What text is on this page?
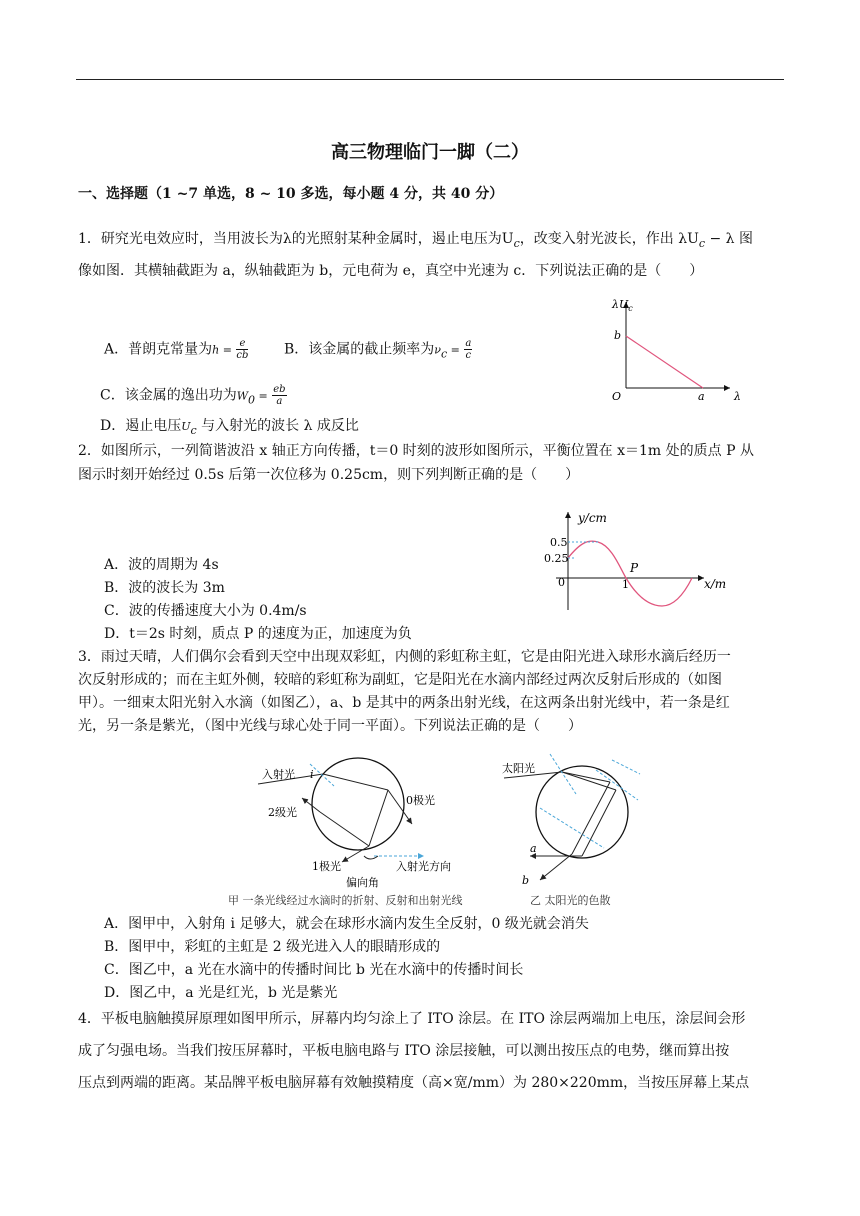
高三物理临门一脚（二）
一、选择题（1 ~7 单选，8 ~ 10 多选，每小题 4 分，共 40 分）
1．研究光电效应时，当用波长为λ的光照射某种金属时，遏止电压为$U_c$，改变入射光波长，作出 $\lambda U_c - \lambda$ 图
像如图．其横轴截距为 a，纵轴截距为 b，元电荷为 e，真空中光速为 c．下列说法正确的是（　　）
A．普朗克常量为$h = \frac{e}{cb}$	B．该金属的截止频率为$\nu_c = \frac{a}{c}$
C．该金属的逸出功为$W_0 = \frac{eb}{a}$
D．遏止电压$U_c$ 与入射光的波长 λ 成反比
$\lambda U_c$
b
O	a	λ
2．如图所示，一列简谐波沿 x 轴正方向传播，t＝0 时刻的波形如图所示，平衡位置在 x＝1m 处的质点 P 从
图示时刻开始经过 0.5s 后第一次位移为 0.25cm，则下列判断正确的是（　　）
A．波的周期为 4s
B．波的波长为 3m
C．波的传播速度大小为 0.4m/s
D．t＝2s 时刻，质点 P 的速度为正，加速度为负
y/cm
0.5
0.25
0	1
P
x/m
3．雨过天晴，人们偶尔会看到天空中出现双彩虹，内侧的彩虹称主虹，它是由阳光进入球形水滴后经历一
次反射形成的；而在主虹外侧，较暗的彩虹称为副虹，它是阳光在水滴内部经过两次反射后形成的（如图
甲）。一细束太阳光射入水滴（如图乙），a、b 是其中的两条出射光线，在这两条出射光线中，若一条是红
光，另一条是紫光，（图中光线与球心处于同一平面）。下列说法正确的是（　　）
入射光 i
0极光
2级光
1极光	入射光方向
偏向角
甲 一条光线经过水滴时的折射、反射和出射光线
太阳光
a
b
乙 太阳光的色散
A．图甲中，入射角 i 足够大，就会在球形水滴内发生全反射，0 级光就会消失
B．图甲中，彩虹的主虹是 2 级光进入人的眼睛形成的
C．图乙中，a 光在水滴中的传播时间比 b 光在水滴中的传播时间长
D．图乙中，a 光是红光，b 光是紫光
4．平板电脑触摸屏原理如图甲所示，屏幕内均匀涂上了 ITO 涂层。在 ITO 涂层两端加上电压，涂层间会形
成了匀强电场。当我们按压屏幕时，平板电脑电路与 ITO 涂层接触，可以测出按压点的电势，继而算出按
压点到两端的距离。某品牌平板电脑屏幕有效触摸精度（高×宽/mm）为 280×220mm，当按压屏幕上某点
